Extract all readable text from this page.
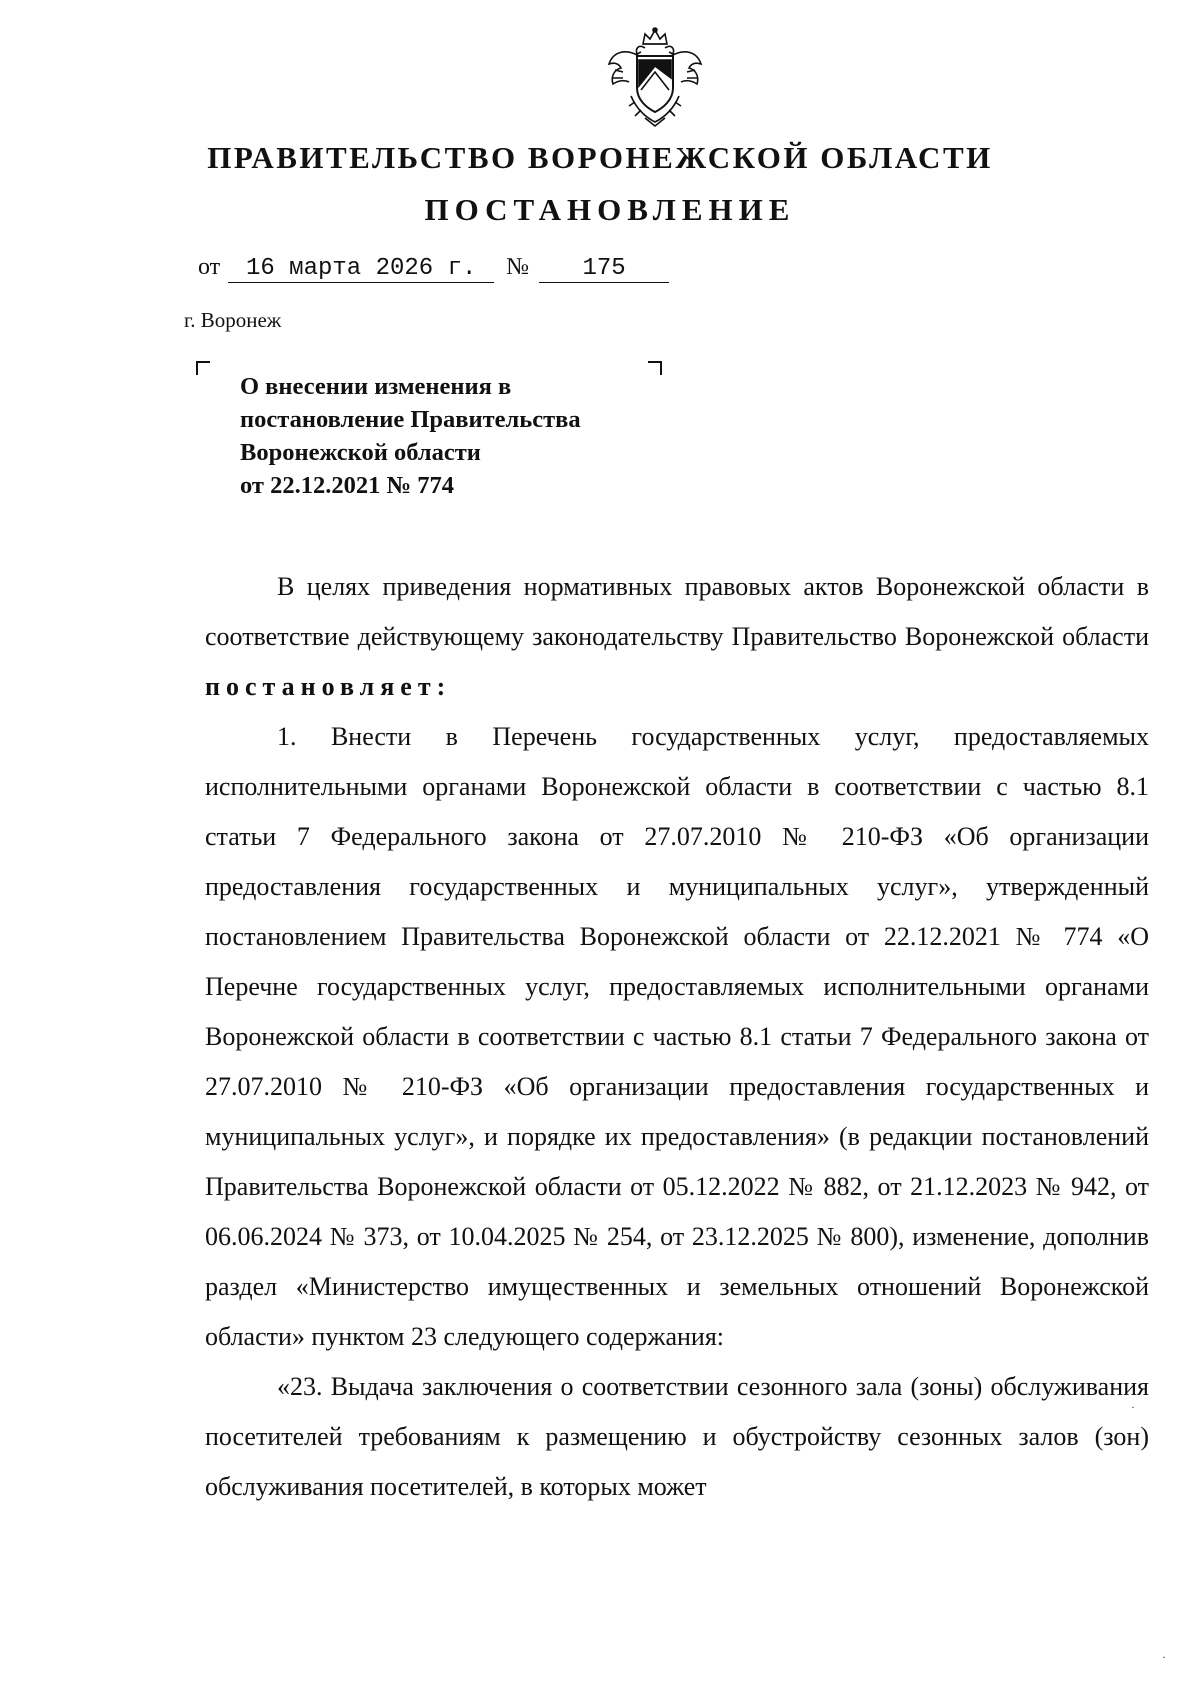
ПРАВИТЕЛЬСТВО ВОРОНЕЖСКОЙ ОБЛАСТИ
ПОСТАНОВЛЕНИЕ
от 16 марта 2026 г. № 175
г. Воронеж
О внесении изменения в
постановление Правительства
Воронежской области
от 22.12.2021 № 774

В целях приведения нормативных правовых актов Воронежской области в соответствие действующему законодательству Правительство Воронежской области постановляет:

1. Внести в Перечень государственных услуг, предоставляемых исполнительными органами Воронежской области в соответствии с частью 8.1 статьи 7 Федерального закона от 27.07.2010 № 210-ФЗ «Об организации предоставления государственных и муниципальных услуг», утвержденный постановлением Правительства Воронежской области от 22.12.2021 № 774 «О Перечне государственных услуг, предоставляемых исполнительными органами Воронежской области в соответствии с частью 8.1 статьи 7 Федерального закона от 27.07.2010 № 210-ФЗ «Об организации предоставления государственных и муниципальных услуг», и порядке их предоставления» (в редакции постановлений Правительства Воронежской области от 05.12.2022 № 882, от 21.12.2023 № 942, от 06.06.2024 № 373, от 10.04.2025 № 254, от 23.12.2025 № 800), изменение, дополнив раздел «Министерство имущественных и земельных отношений Воронежской области» пунктом 23 следующего содержания:

«23. Выдача заключения о соответствии сезонного зала (зоны) обслуживания посетителей требованиям к размещению и обустройству сезонных залов (зон) обслуживания посетителей, в которых может

·
·
